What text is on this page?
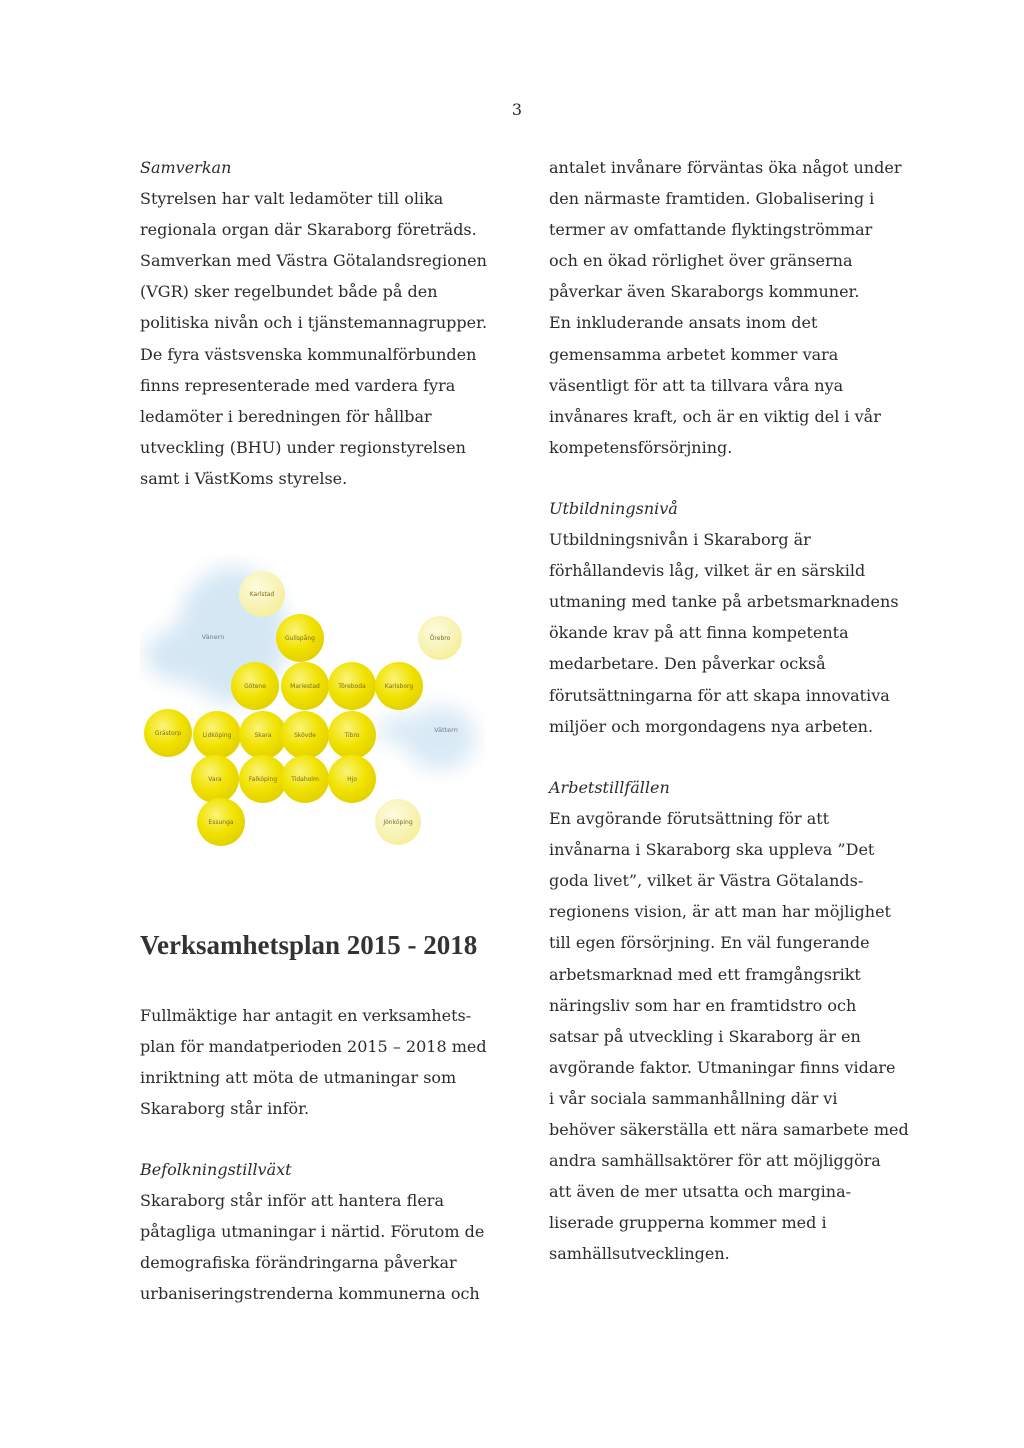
3
Samverkan
Styrelsen har valt ledamöter till olika
regionala organ där Skaraborg företräds.
Samverkan med Västra Götalandsregionen
(VGR) sker regelbundet både på den
politiska nivån och i tjänstemannagrupper.
De fyra västsvenska kommunalförbunden
finns representerade med vardera fyra
ledamöter i beredningen för hållbar
utveckling (BHU) under regionstyrelsen
samt i VästKoms styrelse.
Vänern
Vättern
Karlstad
Gullspång	Örebro
Götene	Mariestad	Töreboda	Karlsborg
Grästorp	Lidköping	Skara	Skövde	Tibro
Vara	Falköping Tidaholm	Hjo
Essunga	Jönköping
Verksamhetsplan 2015 - 2018
Fullmäktige har antagit en verksamhets-
plan för mandatperioden 2015 – 2018 med
inriktning att möta de utmaningar som
Skaraborg står inför.
Befolkningstillväxt
Skaraborg står inför att hantera flera
påtagliga utmaningar i närtid. Förutom de
demografiska förändringarna påverkar
urbaniseringstrenderna kommunerna och
antalet invånare förväntas öka något under
den närmaste framtiden. Globalisering i
termer av omfattande flyktingströmmar
och en ökad rörlighet över gränserna
påverkar även Skaraborgs kommuner.
En inkluderande ansats inom det
gemensamma arbetet kommer vara
väsentligt för att ta tillvara våra nya
invånares kraft, och är en viktig del i vår
kompetensförsörjning.
Utbildningsnivå
Utbildningsnivån i Skaraborg är
förhållandevis låg, vilket är en särskild
utmaning med tanke på arbetsmarknadens
ökande krav på att finna kompetenta
medarbetare. Den påverkar också
förutsättningarna för att skapa innovativa
miljöer och morgondagens nya arbeten.
Arbetstillfällen
En avgörande förutsättning för att
invånarna i Skaraborg ska uppleva ”Det
goda livet”, vilket är Västra Götalands-
regionens vision, är att man har möjlighet
till egen försörjning. En väl fungerande
arbetsmarknad med ett framgångsrikt
näringsliv som har en framtidstro och
satsar på utveckling i Skaraborg är en
avgörande faktor. Utmaningar finns vidare
i vår sociala sammanhållning där vi
behöver säkerställa ett nära samarbete med
andra samhällsaktörer för att möjliggöra
att även de mer utsatta och margina-
liserade grupperna kommer med i
samhällsutvecklingen.
